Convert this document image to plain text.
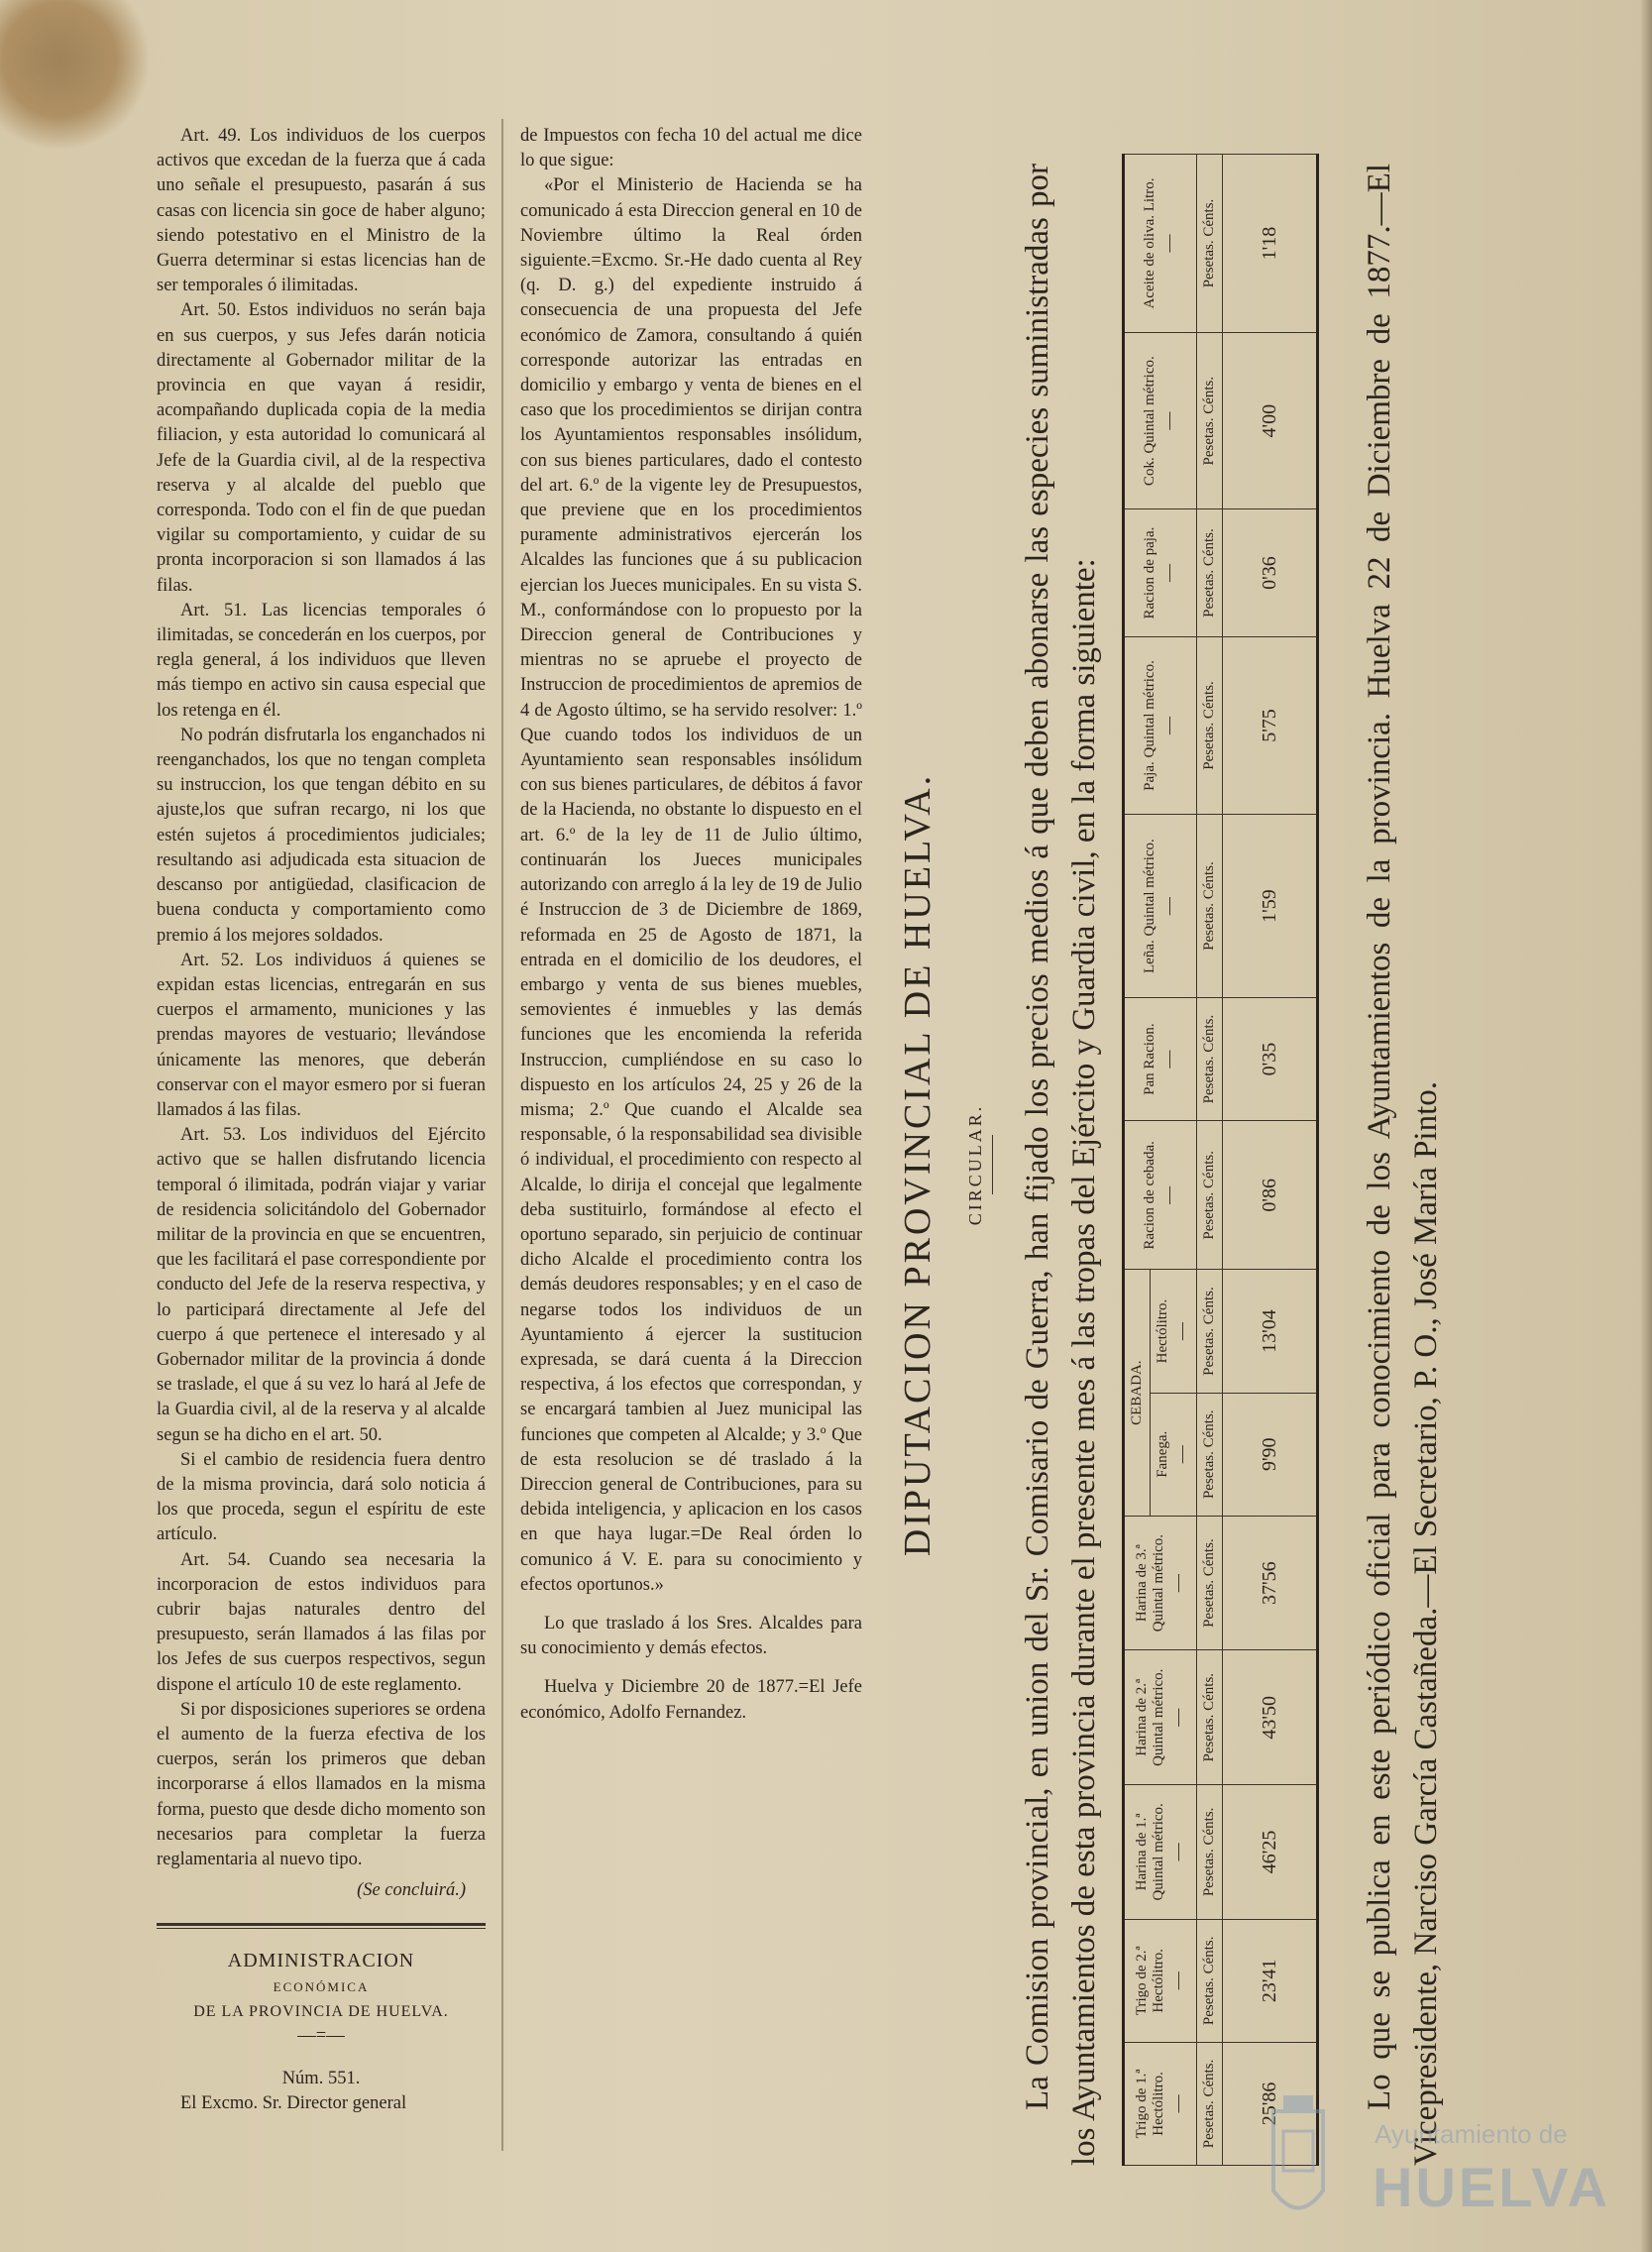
Art. 49. Los individuos de los cuerpos activos que excedan de la fuerza que á cada uno señale el presupuesto, pasarán á sus casas con licencia sin goce de haber alguno; siendo potestativo en el Ministro de la Guerra determinar si estas licencias han de ser temporales ó ilimitadas.

Art. 50. Estos individuos no serán baja en sus cuerpos, y sus Jefes darán noticia directamente al Gobernador militar de la provincia en que vayan á residir, acompañando duplicada copia de la media filiacion, y esta autoridad lo comunicará al Jefe de la Guardia civil, al de la respectiva reserva y al alcalde del pueblo que corresponda. Todo con el fin de que puedan vigilar su comportamiento, y cuidar de su pronta incorporacion si son llamados á las filas.

Art. 51. Las licencias temporales ó ilimitadas, se concederán en los cuerpos, por regla general, á los individuos que lleven más tiempo en activo sin causa especial que los retenga en él.

No podrán disfrutarla los enganchados ni reenganchados, los que no tengan completa su instruccion, los que tengan débito en su ajuste,los que sufran recargo, ni los que estén sujetos á procedimientos judiciales; resultando asi adjudicada esta situacion de descanso por antigüedad, clasificacion de buena conducta y comportamiento como premio á los mejores soldados.

Art. 52. Los individuos á quienes se expidan estas licencias, entregarán en sus cuerpos el armamento, municiones y las prendas mayores de vestuario; llevándose únicamente las menores, que deberán conservar con el mayor esmero por si fueran llamados á las filas.

Art. 53. Los individuos del Ejército activo que se hallen disfrutando licencia temporal ó ilimitada, podrán viajar y variar de residencia solicitándolo del Gobernador militar de la provincia en que se encuentren, que les facilitará el pase correspondiente por conducto del Jefe de la reserva respectiva, y lo participará directamente al Jefe del cuerpo á que pertenece el interesado y al Gobernador militar de la provincia á donde se traslade, el que á su vez lo hará al Jefe de la Guardia civil, al de la reserva y al alcalde segun se ha dicho en el art. 50.

Si el cambio de residencia fuera dentro de la misma provincia, dará solo noticia á los que proceda, segun el espíritu de este artículo.

Art. 54. Cuando sea necesaria la incorporacion de estos individuos para cubrir bajas naturales dentro del presupuesto, serán llamados á las filas por los Jefes de sus cuerpos respectivos, segun dispone el artículo 10 de este reglamento.

Si por disposiciones superiores se ordena el aumento de la fuerza efectiva de los cuerpos, serán los primeros que deban incorporarse á ellos llamados en la misma forma, puesto que desde dicho momento son necesarios para completar la fuerza reglamentaria al nuevo tipo.

(Se concluirá.)

ADMINISTRACION

ECONÓMICA

DE LA PROVINCIA DE HUELVA.

—=—

Núm. 551.

El Excmo. Sr. Director general

de Impuestos con fecha 10 del actual me dice lo que sigue:

«Por el Ministerio de Hacienda se ha comunicado á esta Direccion general en 10 de Noviembre último la Real órden siguiente.=Excmo. Sr.-He dado cuenta al Rey (q. D. g.) del expediente instruido á consecuencia de una propuesta del Jefe económico de Zamora, consultando á quién corresponde autorizar las entradas en domicilio y embargo y venta de bienes en el caso que los procedimientos se dirijan contra los Ayuntamientos responsables insólidum, con sus bienes particulares, dado el contesto del art. 6.º de la vigente ley de Presupuestos, que previene que en los procedimientos puramente administrativos ejercerán los Alcaldes las funciones que á su publicacion ejercian los Jueces municipales. En su vista S. M., conformándose con lo propuesto por la Direccion general de Contribuciones y mientras no se apruebe el proyecto de Instruccion de procedimientos de apremios de 4 de Agosto último, se ha servido resolver: 1.º Que cuando todos los individuos de un Ayuntamiento sean responsables insólidum con sus bienes particulares, de débitos á favor de la Hacienda, no obstante lo dispuesto en el art. 6.º de la ley de 11 de Julio último, continuarán los Jueces municipales autorizando con arreglo á la ley de 19 de Julio é Instruccion de 3 de Diciembre de 1869, reformada en 25 de Agosto de 1871, la entrada en el domicilio de los deudores, el embargo y venta de sus bienes muebles, semovientes é inmuebles y las demás funciones que les encomienda la referida Instruccion, cumpliéndose en su caso lo dispuesto en los artículos 24, 25 y 26 de la misma; 2.º Que cuando el Alcalde sea responsable, ó la responsabilidad sea divisible ó individual, el procedimiento con respecto al Alcalde, lo dirija el concejal que legalmente deba sustituirlo, formándose al efecto el oportuno separado, sin perjuicio de continuar dicho Alcalde el procedimiento contra los demás deudores responsables; y en el caso de negarse todos los individuos de un Ayuntamiento á ejercer la sustitucion expresada, se dará cuenta á la Direccion respectiva, á los efectos que correspondan, y se encargará tambien al Juez municipal las funciones que competen al Alcalde; y 3.º Que de esta resolucion se dé traslado á la Direccion general de Contribuciones, para su debida inteligencia, y aplicacion en los casos en que haya lugar.=De Real órden lo comunico á V. E. para su conocimiento y efectos oportunos.»

Lo que traslado á los Sres. Alcaldes para su conocimiento y demás efectos.

Huelva y Diciembre 20 de 1877.=El Jefe económico, Adolfo Fernandez.

DIPUTACION PROVINCIAL DE HUELVA.	CIRCULAR. La Comision provincial, en union del Sr. Comisario de Guerra, han fijado los precios medios á que deben abonarse las especies suministradas por los Ayuntamientos de esta provincia durante el presente mes á las tropas del Ejército y Guardia civil, en la forma siguiente:	Trigo de 1.ª
Hectólitro. —	Trigo de 2.ª
Hectólitro. —	Harina de 1.ª
Quintal métrico. —	Harina de 2.ª
Quintal métrico. —	Harina de 3.ª
Quintal métrico. —	CEBADA.		Racion de cebada. —	Pan Racion. —	Leña. Quintal métrico. —	Paja. Quintal métrico. —	Racion de paja. —	Cok. Quintal métrico. —	Aceite de oliva. Litro. —

					Fanega. —	Hectólitro. —							

Pesetas. Cénts.	Pesetas. Cénts.	Pesetas. Cénts.	Pesetas. Cénts.	Pesetas. Cénts.	Pesetas. Cénts.	Pesetas. Cénts.	Pesetas. Cénts.	Pesetas. Cénts.	Pesetas. Cénts.	Pesetas. Cénts.	Pesetas. Cénts.	Pesetas. Cénts.	Pesetas. Cénts.
25'86	23'41	46'25	43'50	37'56	9'90	13'04	0'86	0'35	1'59	5'75	0'36	4'00	1'18	Lo que se publica en este periódico oficial para conocimiento de los Ayuntamientos de la provincia. Huelva 22 de Diciembre de 1877.—El Vicepresidente, Narciso García Castañeda.—El Secretario, P. O., José María Pinto.

Ayuntamiento de
HUELVA
